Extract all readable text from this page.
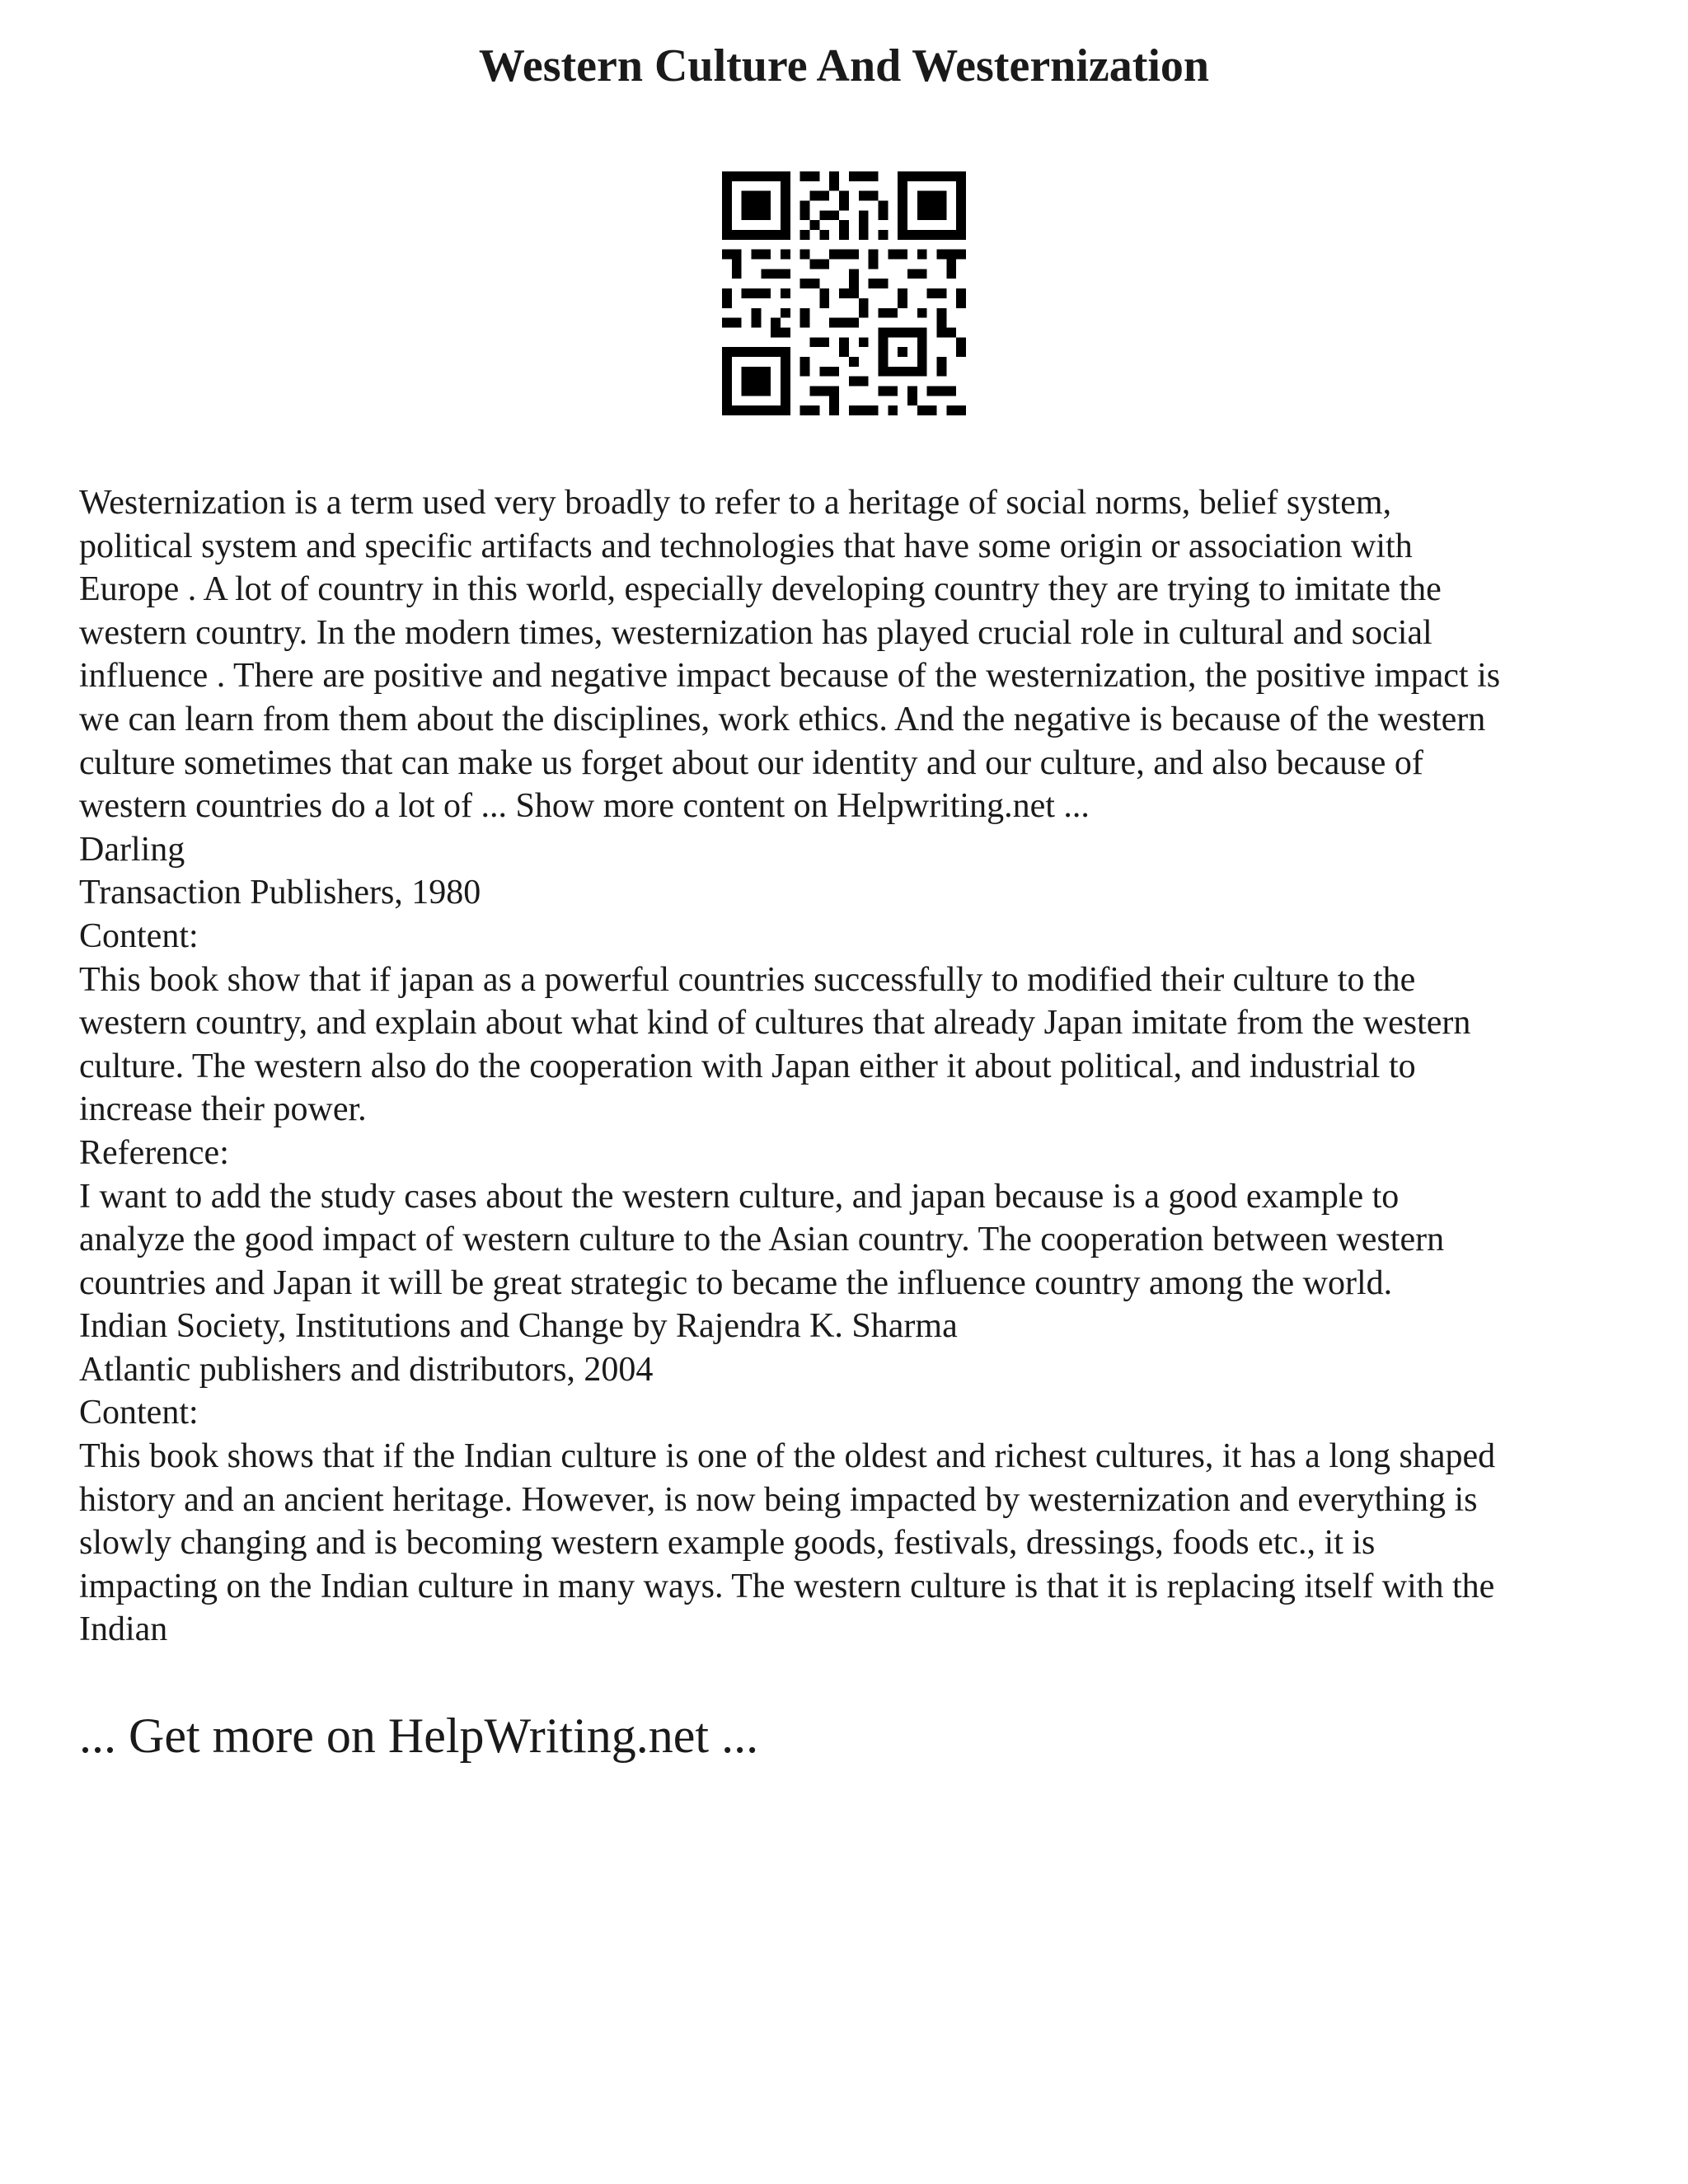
Western Culture And Westernization
Westernization is a term used very broadly to refer to a heritage of social norms, belief system,
political system and specific artifacts and technologies that have some origin or association with
Europe . A lot of country in this world, especially developing country they are trying to imitate the
western country. In the modern times, westernization has played crucial role in cultural and social
influence . There are positive and negative impact because of the westernization, the positive impact is
we can learn from them about the disciplines, work ethics. And the negative is because of the western
culture sometimes that can make us forget about our identity and our culture, and also because of
western countries do a lot of ... Show more content on Helpwriting.net ...
Darling
Transaction Publishers, 1980
Content:
This book show that if japan as a powerful countries successfully to modified their culture to the
western country, and explain about what kind of cultures that already Japan imitate from the western
culture. The western also do the cooperation with Japan either it about political, and industrial to
increase their power.
Reference:
I want to add the study cases about the western culture, and japan because is a good example to
analyze the good impact of western culture to the Asian country. The cooperation between western
countries and Japan it will be great strategic to became the influence country among the world.
Indian Society, Institutions and Change by Rajendra K. Sharma
Atlantic publishers and distributors, 2004
Content:
This book shows that if the Indian culture is one of the oldest and richest cultures, it has a long shaped
history and an ancient heritage. However, is now being impacted by westernization and everything is
slowly changing and is becoming western example goods, festivals, dressings, foods etc., it is
impacting on the Indian culture in many ways. The western culture is that it is replacing itself with the
Indian
... Get more on HelpWriting.net ...
